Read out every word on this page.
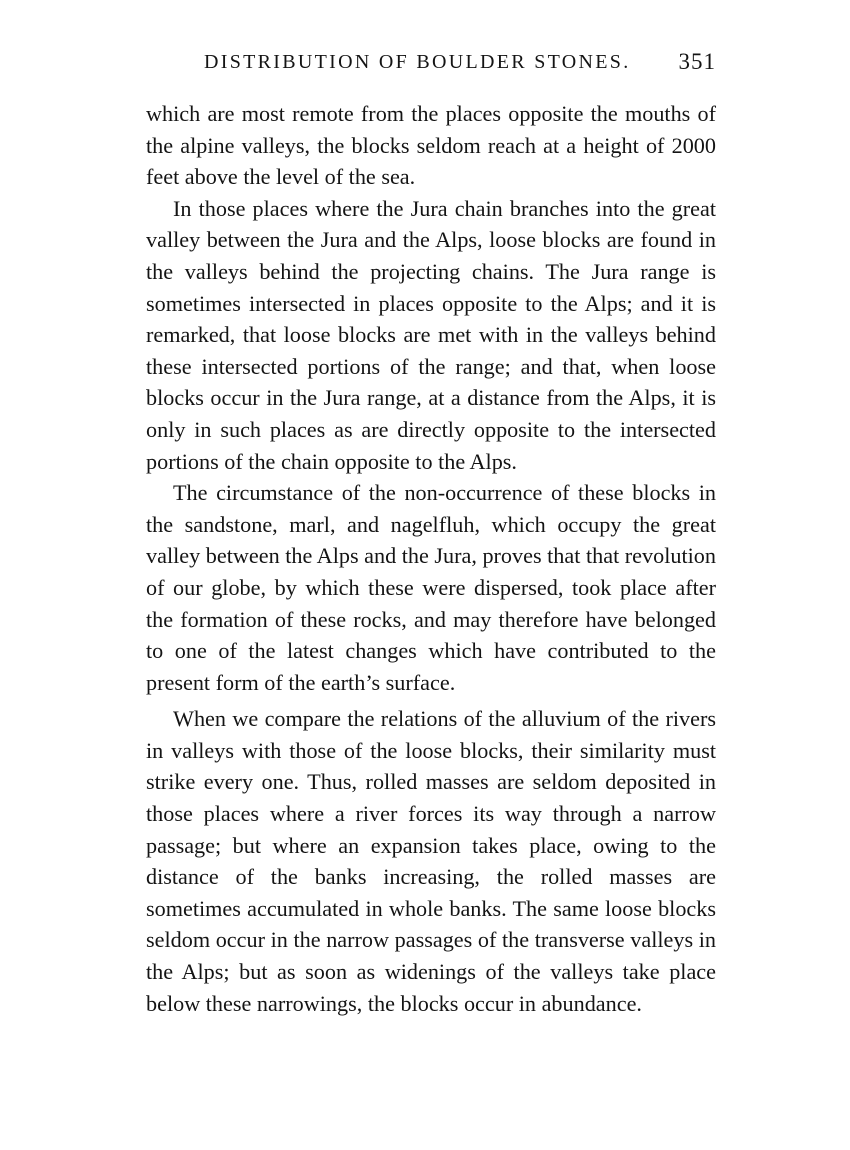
DISTRIBUTION OF BOULDER STONES. 351

which are most remote from the places opposite the mouths of the alpine valleys, the blocks seldom reach at a height of 2000 feet above the level of the sea.

In those places where the Jura chain branches into the great valley between the Jura and the Alps, loose blocks are found in the valleys behind the projecting chains. The Jura range is sometimes intersected in places opposite to the Alps; and it is remarked, that loose blocks are met with in the valleys behind these intersected portions of the range; and that, when loose blocks occur in the Jura range, at a distance from the Alps, it is only in such places as are directly opposite to the intersected portions of the chain opposite to the Alps.

The circumstance of the non-occurrence of these blocks in the sandstone, marl, and nagelfluh, which occupy the great valley between the Alps and the Jura, proves that that revolution of our globe, by which these were dispersed, took place after the formation of these rocks, and may therefore have belonged to one of the latest changes which have contributed to the present form of the earth’s surface.

When we compare the relations of the alluvium of the rivers in valleys with those of the loose blocks, their similarity must strike every one. Thus, rolled masses are seldom deposited in those places where a river forces its way through a narrow passage; but where an expansion takes place, owing to the distance of the banks increasing, the rolled masses are sometimes accumulated in whole banks. The same loose blocks seldom occur in the narrow passages of the transverse valleys in the Alps; but as soon as widenings of the valleys take place below these narrowings, the blocks occur in abundance.
